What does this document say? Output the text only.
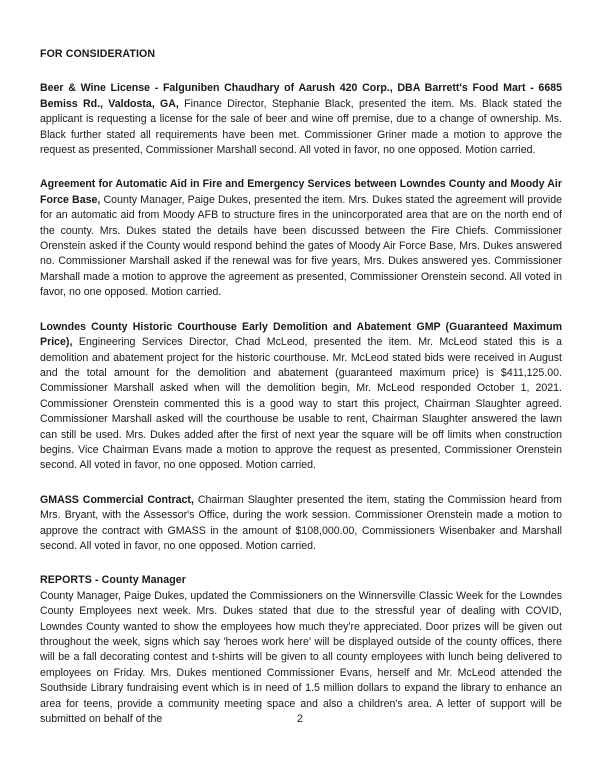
FOR CONSIDERATION

Beer & Wine License - Falguniben Chaudhary of Aarush 420 Corp., DBA Barrett's Food Mart - 6685 Bemiss Rd., Valdosta, GA, Finance Director, Stephanie Black, presented the item. Ms. Black stated the applicant is requesting a license for the sale of beer and wine off premise, due to a change of ownership. Ms. Black further stated all requirements have been met. Commissioner Griner made a motion to approve the request as presented, Commissioner Marshall second. All voted in favor, no one opposed. Motion carried.

Agreement for Automatic Aid in Fire and Emergency Services between Lowndes County and Moody Air Force Base, County Manager, Paige Dukes, presented the item. Mrs. Dukes stated the agreement will provide for an automatic aid from Moody AFB to structure fires in the unincorporated area that are on the north end of the county. Mrs. Dukes stated the details have been discussed between the Fire Chiefs. Commissioner Orenstein asked if the County would respond behind the gates of Moody Air Force Base, Mrs. Dukes answered no. Commissioner Marshall asked if the renewal was for five years, Mrs. Dukes answered yes. Commissioner Marshall made a motion to approve the agreement as presented, Commissioner Orenstein second. All voted in favor, no one opposed. Motion carried.

Lowndes County Historic Courthouse Early Demolition and Abatement GMP (Guaranteed Maximum Price), Engineering Services Director, Chad McLeod, presented the item. Mr. McLeod stated this is a demolition and abatement project for the historic courthouse. Mr. McLeod stated bids were received in August and the total amount for the demolition and abatement (guaranteed maximum price) is $411,125.00. Commissioner Marshall asked when will the demolition begin, Mr. McLeod responded October 1, 2021. Commissioner Orenstein commented this is a good way to start this project, Chairman Slaughter agreed. Commissioner Marshall asked will the courthouse be usable to rent, Chairman Slaughter answered the lawn can still be used. Mrs. Dukes added after the first of next year the square will be off limits when construction begins. Vice Chairman Evans made a motion to approve the request as presented, Commissioner Orenstein second. All voted in favor, no one opposed. Motion carried.

GMASS Commercial Contract, Chairman Slaughter presented the item, stating the Commission heard from Mrs. Bryant, with the Assessor's Office, during the work session. Commissioner Orenstein made a motion to approve the contract with GMASS in the amount of $108,000.00, Commissioners Wisenbaker and Marshall second. All voted in favor, no one opposed. Motion carried.

REPORTS - County Manager

County Manager, Paige Dukes, updated the Commissioners on the Winnersville Classic Week for the Lowndes County Employees next week. Mrs. Dukes stated that due to the stressful year of dealing with COVID, Lowndes County wanted to show the employees how much they're appreciated. Door prizes will be given out throughout the week, signs which say 'heroes work here' will be displayed outside of the county offices, there will be a fall decorating contest and t-shirts will be given to all county employees with lunch being delivered to employees on Friday. Mrs. Dukes mentioned Commissioner Evans, herself and Mr. McLeod attended the Southside Library fundraising event which is in need of 1.5 million dollars to expand the library to enhance an area for teens, provide a community meeting space and also a children's area. A letter of support will be submitted on behalf of the	2
